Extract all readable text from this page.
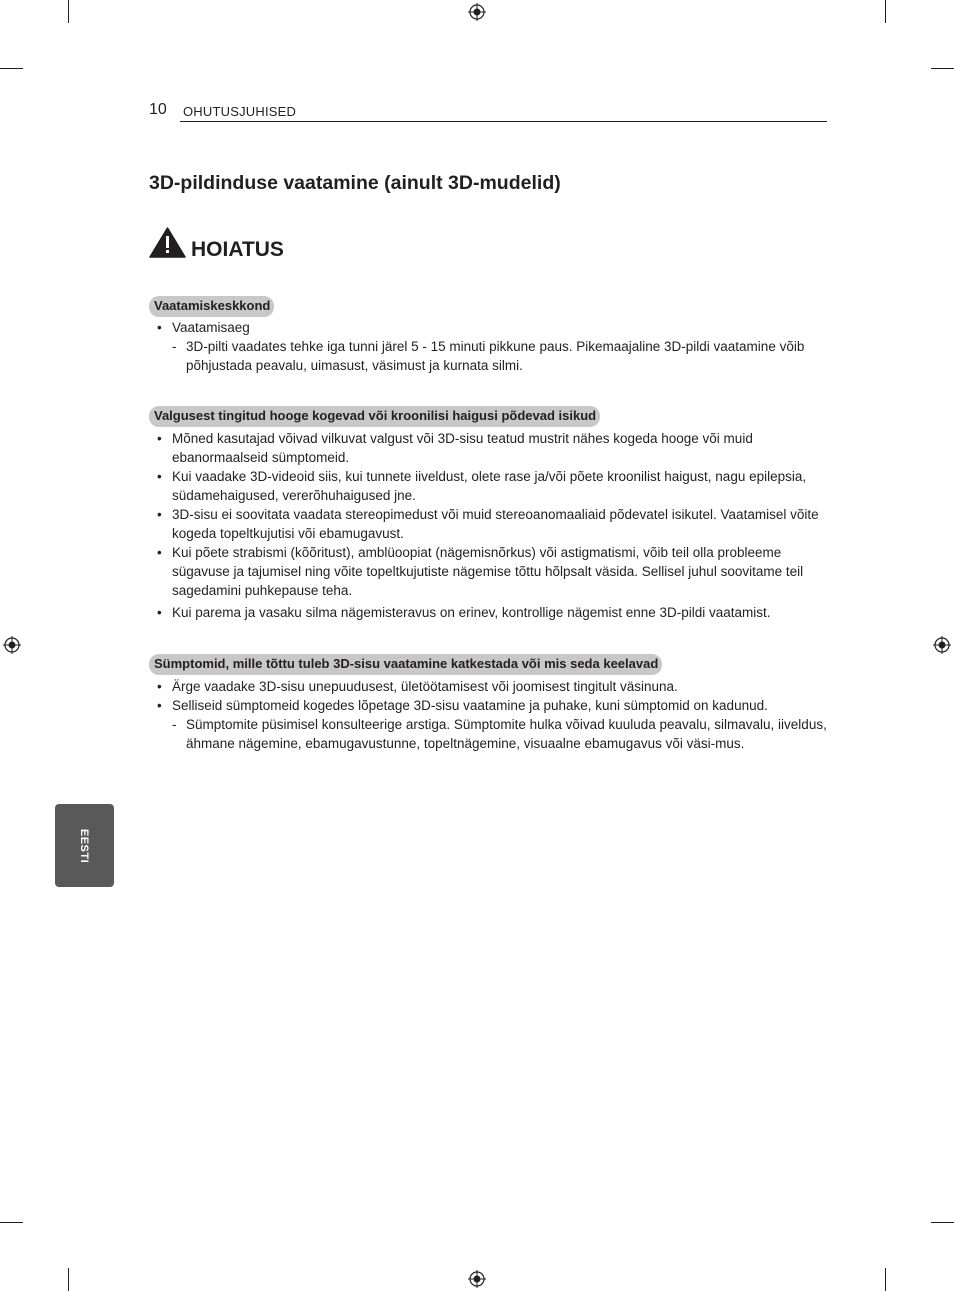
10 OHUTUSJUHISED
3D-pildinduse vaatamine (ainult 3D-mudelid)
HOIATUS
Vaatamiskeskkond

• Vaatamisaeg

- 3D-pilti vaadates tehke iga tunni järel 5 - 15 minuti pikkune paus. Pikemaajaline 3D-pildi vaatamine võib põhjustada peavalu, uimasust, väsimust ja kurnata silmi.

Valgusest tingitud hooge kogevad või kroonilisi haigusi põdevad isikud

• Mõned kasutajad võivad vilkuvat valgust või 3D-sisu teatud mustrit nähes kogeda hooge või muid ebanormaalseid sümptomeid.

• Kui vaadake 3D-videoid siis, kui tunnete iiveldust, olete rase ja/või põete kroonilist haigust, nagu epilepsia, südamehaigused, vererõhuhaigused jne.

• 3D-sisu ei soovitata vaadata stereopimedust või muid stereoanomaaliaid põdevatel isikutel. Vaatamisel võite kogeda topeltkujutisi või ebamugavust.

• Kui põete strabismi (kõõritust), amblüoopiat (nägemisnõrkus) või astigmatismi, võib teil olla probleeme sügavuse ja tajumisel ning võite topeltkujutiste nägemise tõttu hõlpsalt väsida. Sellisel juhul soovitame teil sagedamini puhkepause teha.

• Kui parema ja vasaku silma nägemisteravus on erinev, kontrollige nägemist enne 3D-pildi vaatamist.

Sümptomid, mille tõttu tuleb 3D-sisu vaatamine katkestada või mis seda keelavad

• Ärge vaadake 3D-sisu unepuudusest, ületöötamisest või joomisest tingitult väsinuna.

• Selliseid sümptomeid kogedes lõpetage 3D-sisu vaatamine ja puhake, kuni sümptomid on kadunud.

- Sümptomite püsimisel konsulteerige arstiga. Sümptomite hulka võivad kuuluda peavalu, silmavalu, iiveldus, ähmane nägemine, ebamugavustunne, topeltnägemine, visuaalne ebamugavus või väsi-mus.

EESTI
